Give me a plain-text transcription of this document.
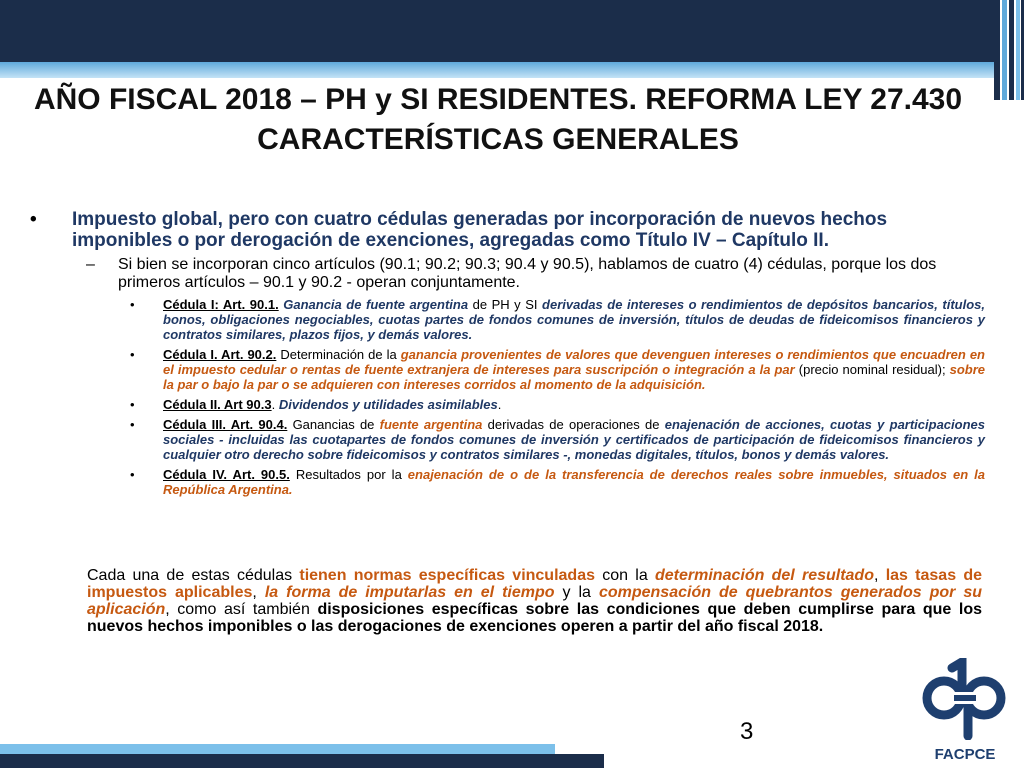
AÑO FISCAL 2018 – PH y SI RESIDENTES. REFORMA LEY 27.430
CARACTERÍSTICAS GENERALES
•	Impuesto global, pero con cuatro cédulas generadas por incorporación de nuevos hechos imponibles o por derogación de exenciones, agregadas como Título IV – Capítulo II.
–	Si bien se incorporan cinco artículos (90.1; 90.2; 90.3; 90.4 y 90.5), hablamos de cuatro (4) cédulas, porque los dos primeros artículos – 90.1 y 90.2 - operan conjuntamente.
•	Cédula I: Art. 90.1. Ganancia de fuente argentina de PH y SI derivadas de intereses o rendimientos de depósitos bancarios, títulos, bonos, obligaciones negociables, cuotas partes de fondos comunes de inversión, títulos de deudas de fideicomisos financieros y contratos similares, plazos fijos, y demás valores.
•	Cédula I. Art. 90.2. Determinación de la ganancia provenientes de valores que devenguen intereses o rendimientos que encuadren en el impuesto cedular o rentas de fuente extranjera de intereses para suscripción o integración a la par (precio nominal residual); sobre la par o bajo la par o se adquieren con intereses corridos al momento de la adquisición.
•	Cédula II. Art 90.3. Dividendos y utilidades asimilables.
•	Cédula III. Art. 90.4. Ganancias de fuente argentina derivadas de operaciones de enajenación de acciones, cuotas y participaciones sociales - incluidas las cuotapartes de fondos comunes de inversión y certificados de participación de fideicomisos financieros y cualquier otro derecho sobre fideicomisos y contratos similares -, monedas digitales, títulos, bonos y demás valores.
•	Cédula IV. Art. 90.5. Resultados por la enajenación de o de la transferencia de derechos reales sobre inmuebles, situados en la República Argentina.
Cada una de estas cédulas tienen normas específicas vinculadas con la determinación del resultado, las tasas de impuestos aplicables, la forma de imputarlas en el tiempo y la compensación de quebrantos generados por su aplicación, como así también disposiciones específicas sobre las condiciones que deben cumplirse para que los nuevos hechos imponibles o las derogaciones de exenciones operen a partir del año fiscal 2018.
3
FACPCE
